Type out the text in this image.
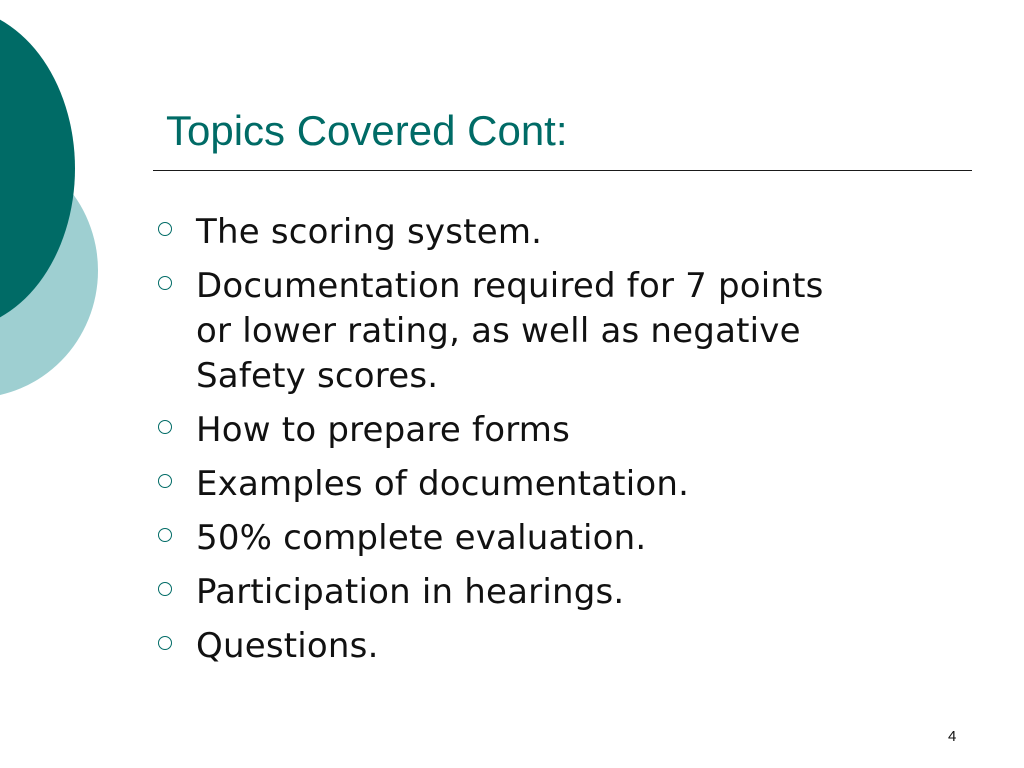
Topics Covered Cont:
The scoring system.
Documentation required for 7 points
or lower rating, as well as negative
Safety scores.
How to prepare forms
Examples of documentation.
50% complete evaluation.
Participation in hearings.
Questions.
4
